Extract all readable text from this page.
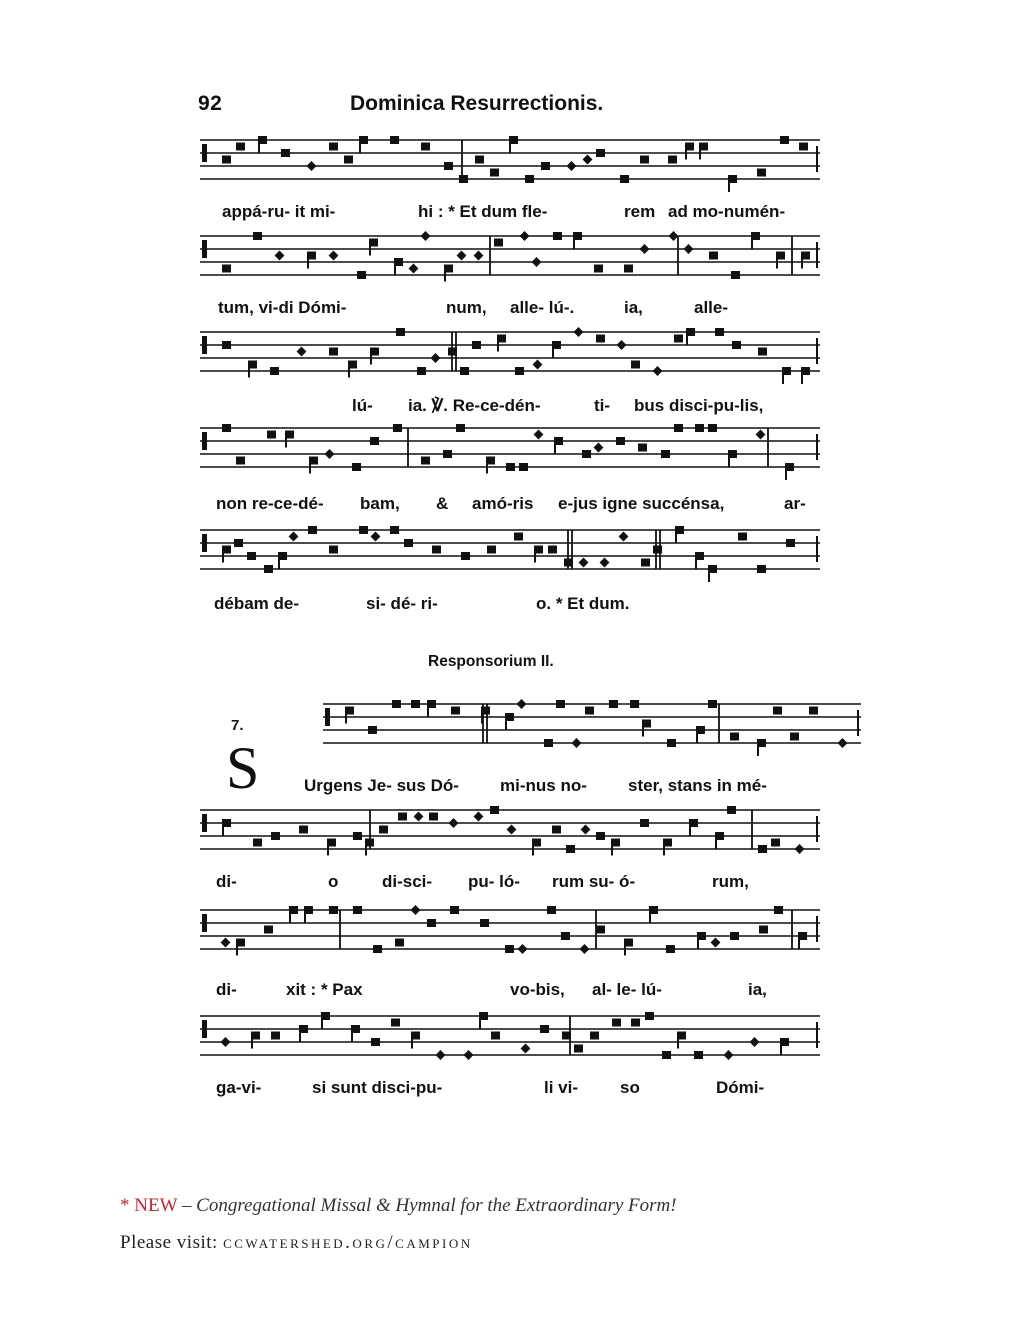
92	Dominica Resurrectionis.
appá-ru- it mi-	hi : * Et dum fle-	rem ad mo-numén-
tum, vi-di Dómi-	num, alle- lú-.	ia,	alle-
lú- ia. ℣. Re-ce-dén-	ti- bus disci-pu-lis,
non re-ce-dé- bam, & amó-ris e-jus igne succénsa,	ar-
débam de-	si- dé- ri-	o. * Et dum.
Responsorium II.
7.
S	Urgens Je- sus Dó- mi-nus no- ster, stans in mé-
di-	o	di-sci- pu- ló- rum su- ó-	rum,
di-	xit : * Pax	vo-bis, al- le- lú-	ia,
ga-vi-	si sunt disci-pu-	li vi- so	Dómi-
* NEW – Congregational Missal & Hymnal for the Extraordinary Form!
Please visit: ccwatershed.org/campion
